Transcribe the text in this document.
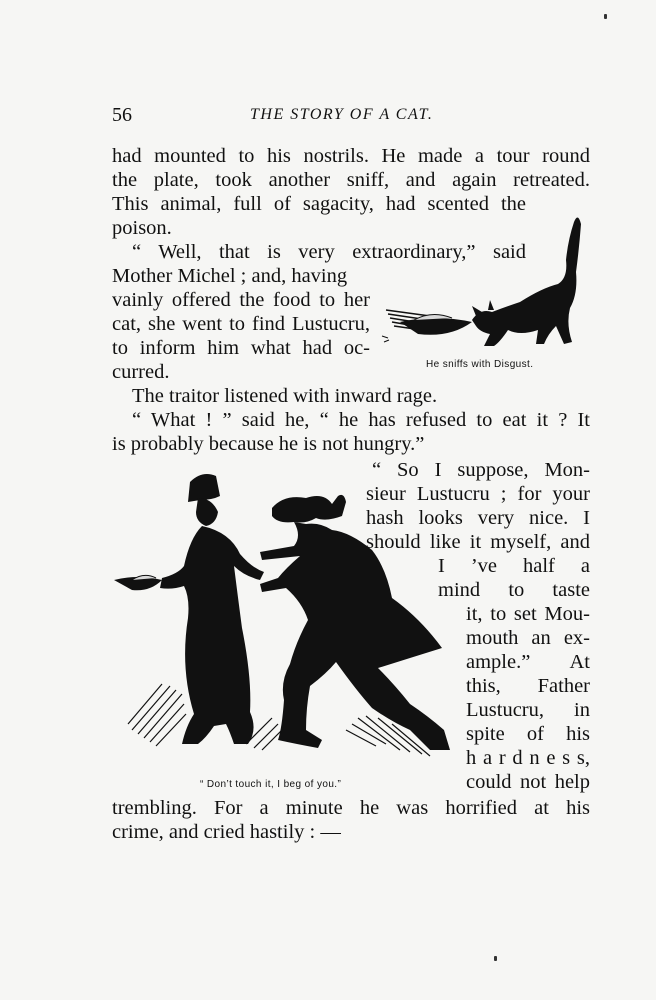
56	THE STORY OF A CAT.
had mounted to his nostrils. He made a tour round
the plate, took another sniff, and again retreated.
This animal, full of sagacity, had scented the
poison.
“ Well, that is very extraordinary,” said
Mother Michel ; and, having
vainly offered the food to her
cat, she went to find Lustucru,
to inform him what had oc-
curred.
The traitor listened with inward rage.
“ What ! ” said he, “ he has refused to eat it ? It
is probably because he is not hungry.”
“ So I suppose, Mon-
sieur Lustucru ; for your
hash looks very nice. I
should like it myself, and
I ’ve half a
mind to taste
it, to set Mou-
mouth an ex-
ample.” At
this, Father
Lustucru, in
spite of his
h a r d n e s s,
could not help
trembling. For a minute he was horrified at his
crime, and cried hastily : —
He sniffs with Disgust.
“ Don’t touch it, I beg of you.”
